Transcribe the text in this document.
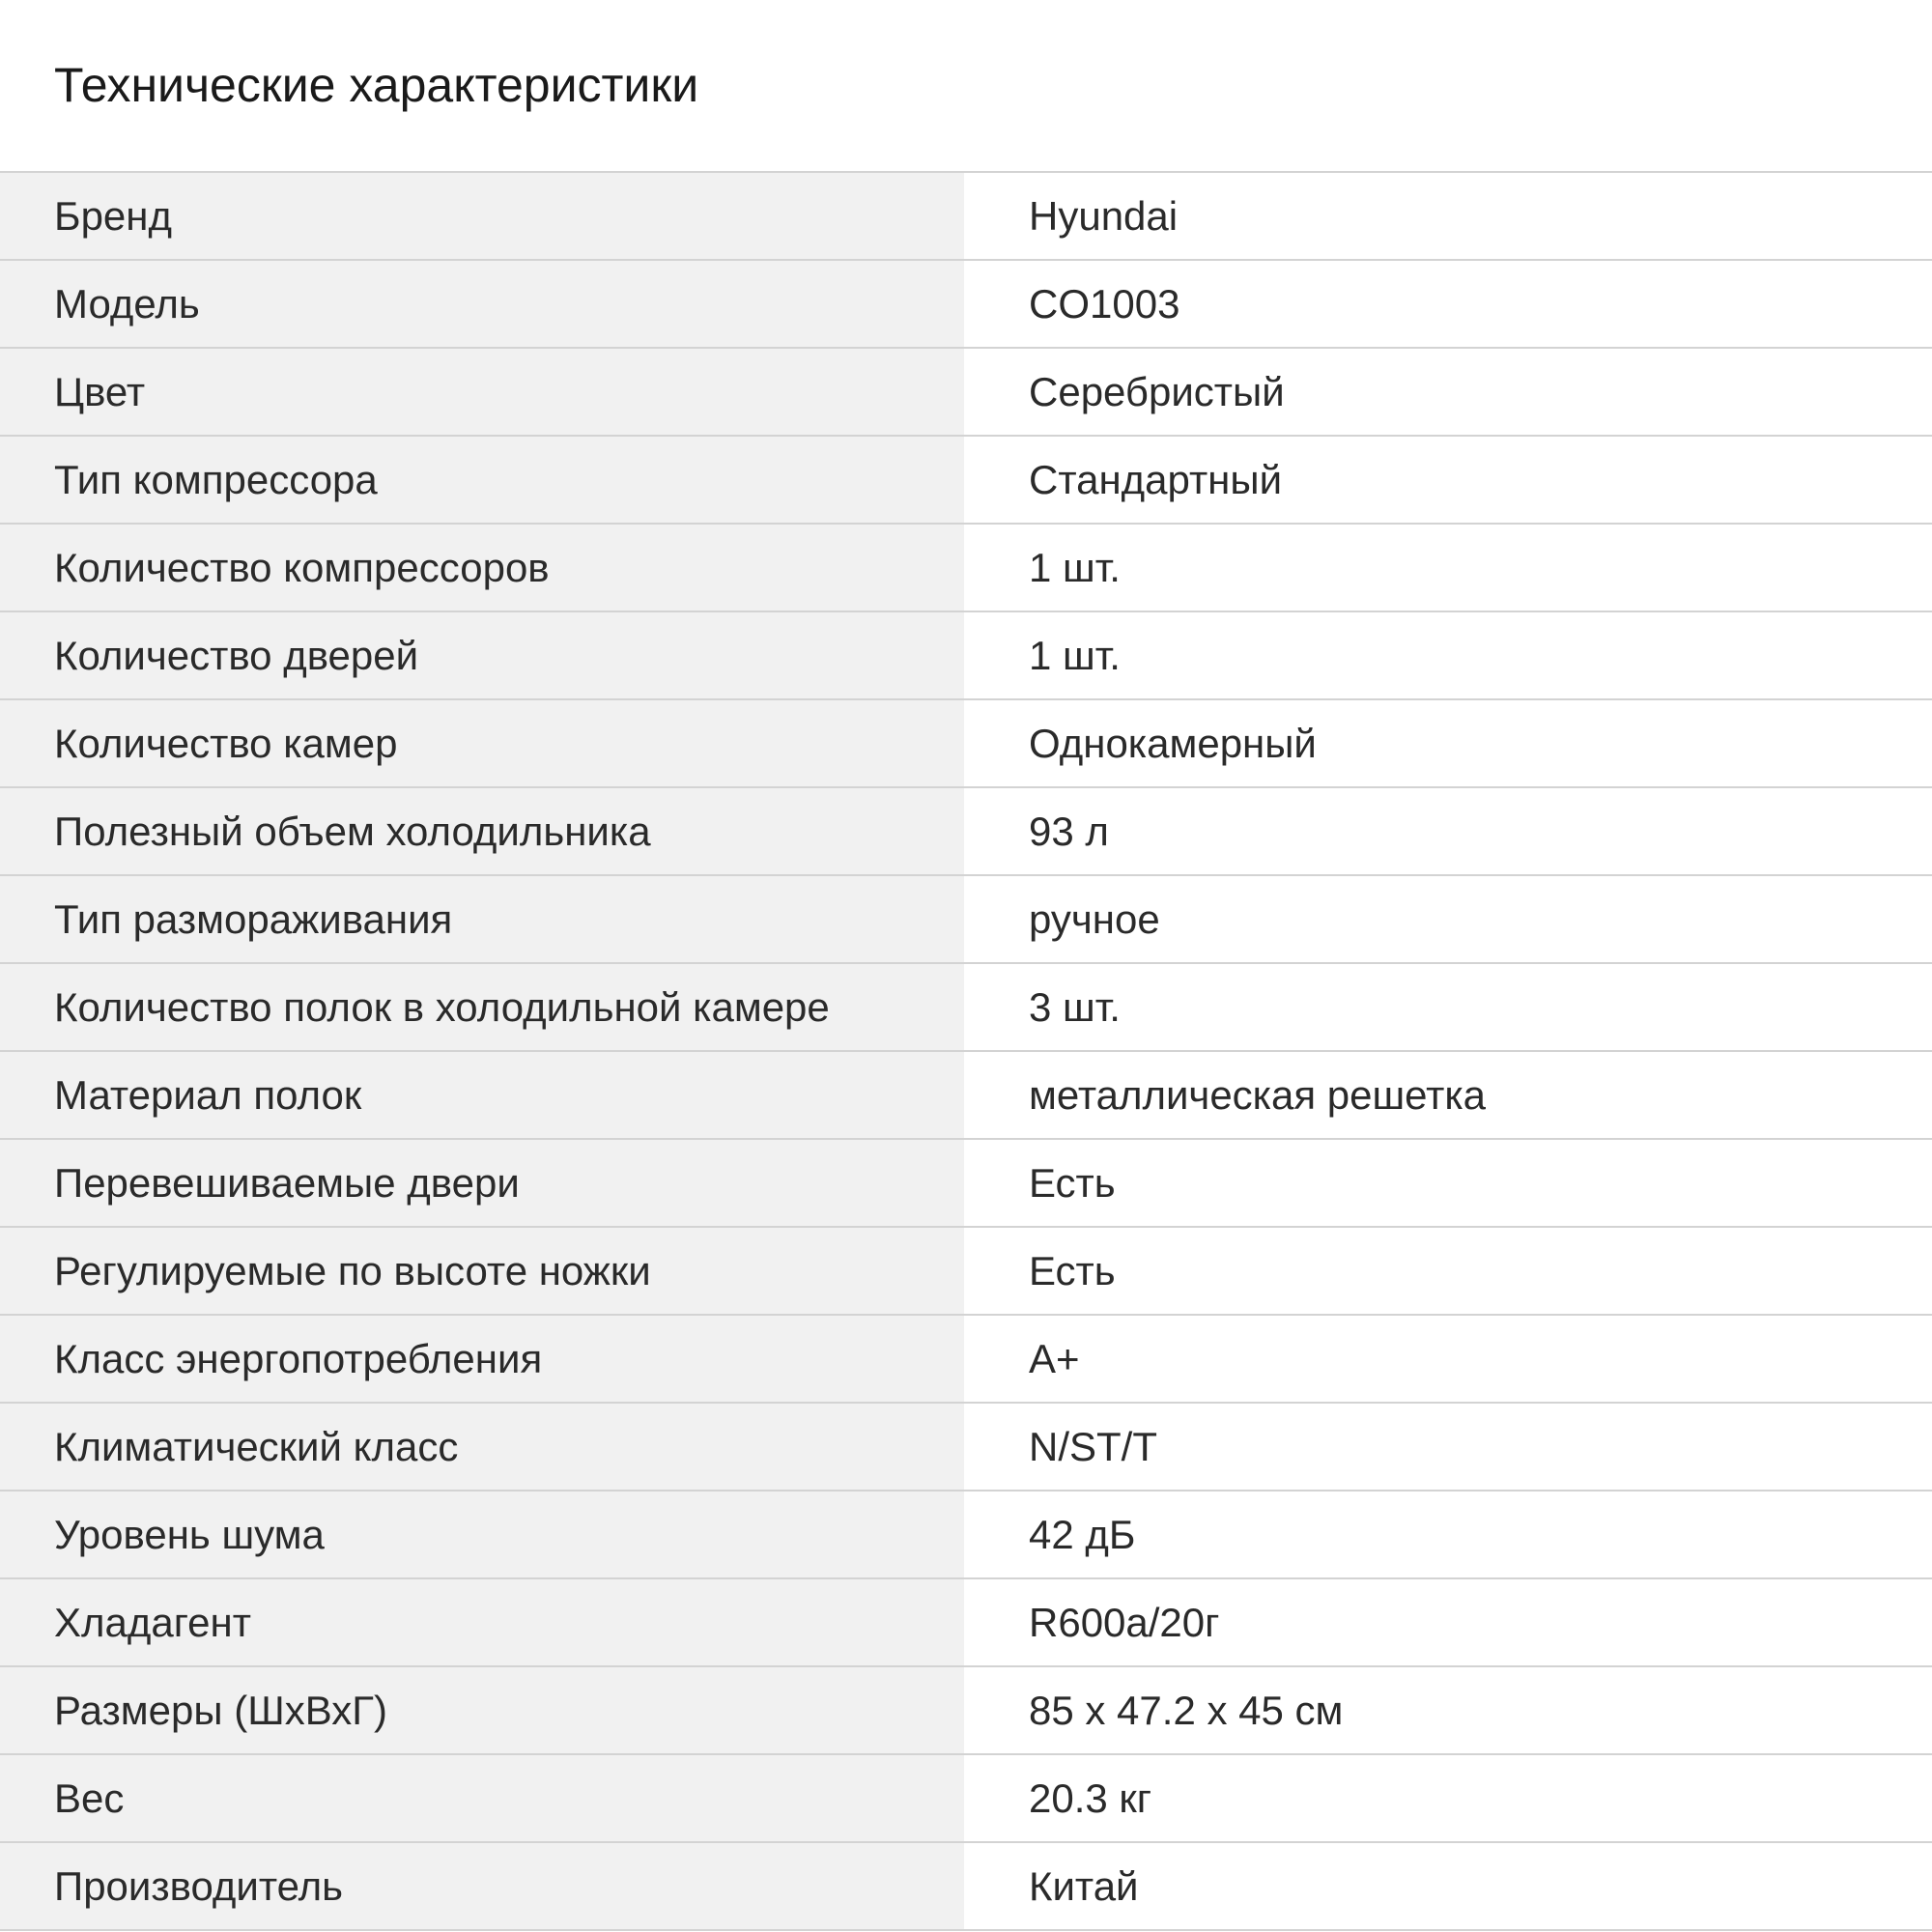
Технические характеристики
Бренд	Hyundai
Модель	CO1003
Цвет	Серебристый
Тип компрессора	Стандартный
Количество компрессоров	1 шт.
Количество дверей	1 шт.
Количество камер	Однокамерный
Полезный объем холодильника	93 л
Тип размораживания	ручное
Количество полок в холодильной камере	3 шт.
Материал полок	металлическая решетка
Перевешиваемые двери	Есть
Регулируемые по высоте ножки	Есть
Класс энергопотребления	A+
Климатический класс	N/ST/T
Уровень шума	42 дБ
Хладагент	R600a/20г
Размеры (ШхВхГ)	85 х 47.2 х 45 см
Вес	20.3 кг
Производитель	Китай
